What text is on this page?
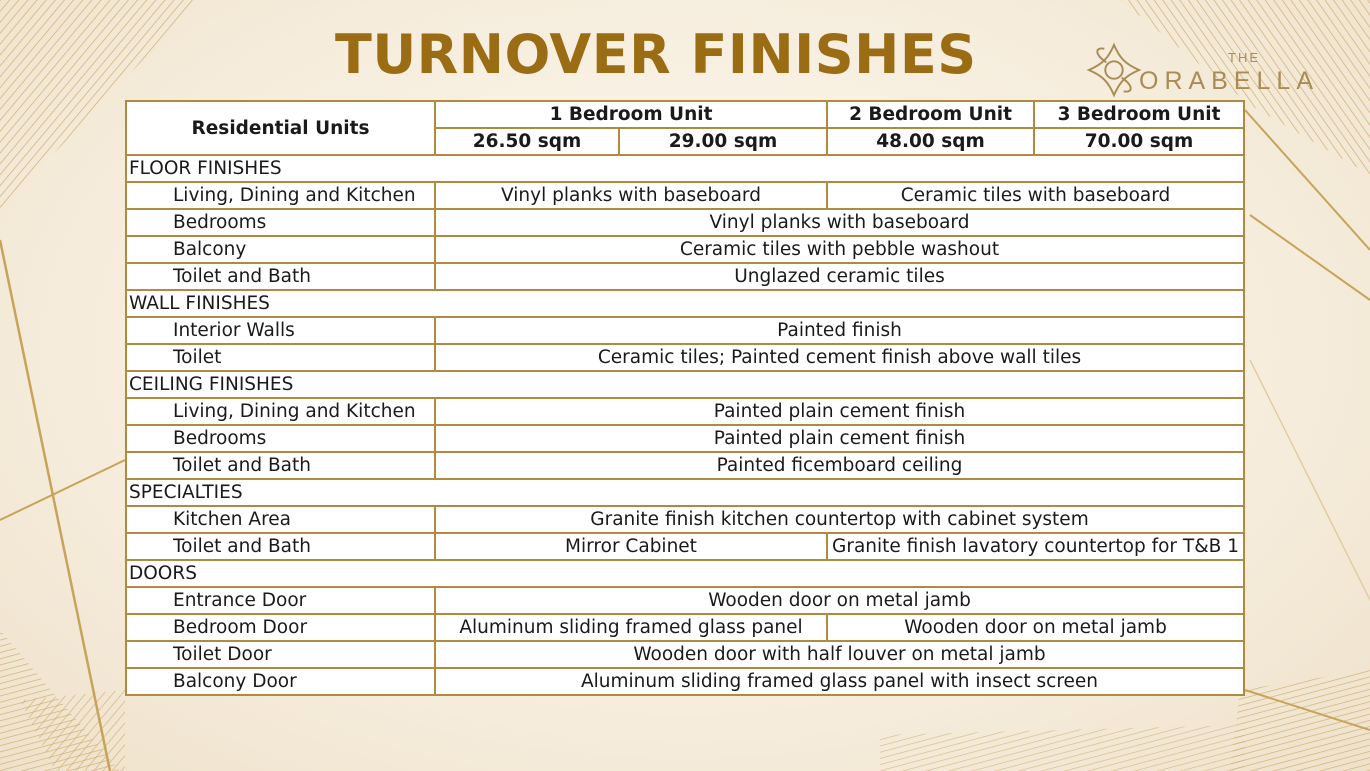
TURNOVER FINISHES	THE
ORABELLA
Residential Units	1 Bedroom Unit		2 Bedroom Unit	3 Bedroom Unit
	26.50 sqm	29.00 sqm	48.00 sqm	70.00 sqm
FLOOR FINISHES				
Living, Dining and Kitchen	Vinyl planks with baseboard		Ceramic tiles with baseboard	
Bedrooms	Vinyl planks with baseboard			
Balcony	Ceramic tiles with pebble washout			
Toilet and Bath	Unglazed ceramic tiles			
WALL FINISHES				
Interior Walls	Painted finish			
Toilet	Ceramic tiles; Painted cement finish above wall tiles			
CEILING FINISHES				
Living, Dining and Kitchen	Painted plain cement finish			
Bedrooms	Painted plain cement finish			
Toilet and Bath	Painted ficemboard ceiling			
SPECIALTIES				
Kitchen Area	Granite finish kitchen countertop with cabinet system			
Toilet and Bath	Mirror Cabinet		Granite finish lavatory countertop for T&B 1	
DOORS				
Entrance Door	Wooden door on metal jamb			
Bedroom Door	Aluminum sliding framed glass panel		Wooden door on metal jamb	
Toilet Door	Wooden door with half louver on metal jamb			
Balcony Door	Aluminum sliding framed glass panel with insect screen			
